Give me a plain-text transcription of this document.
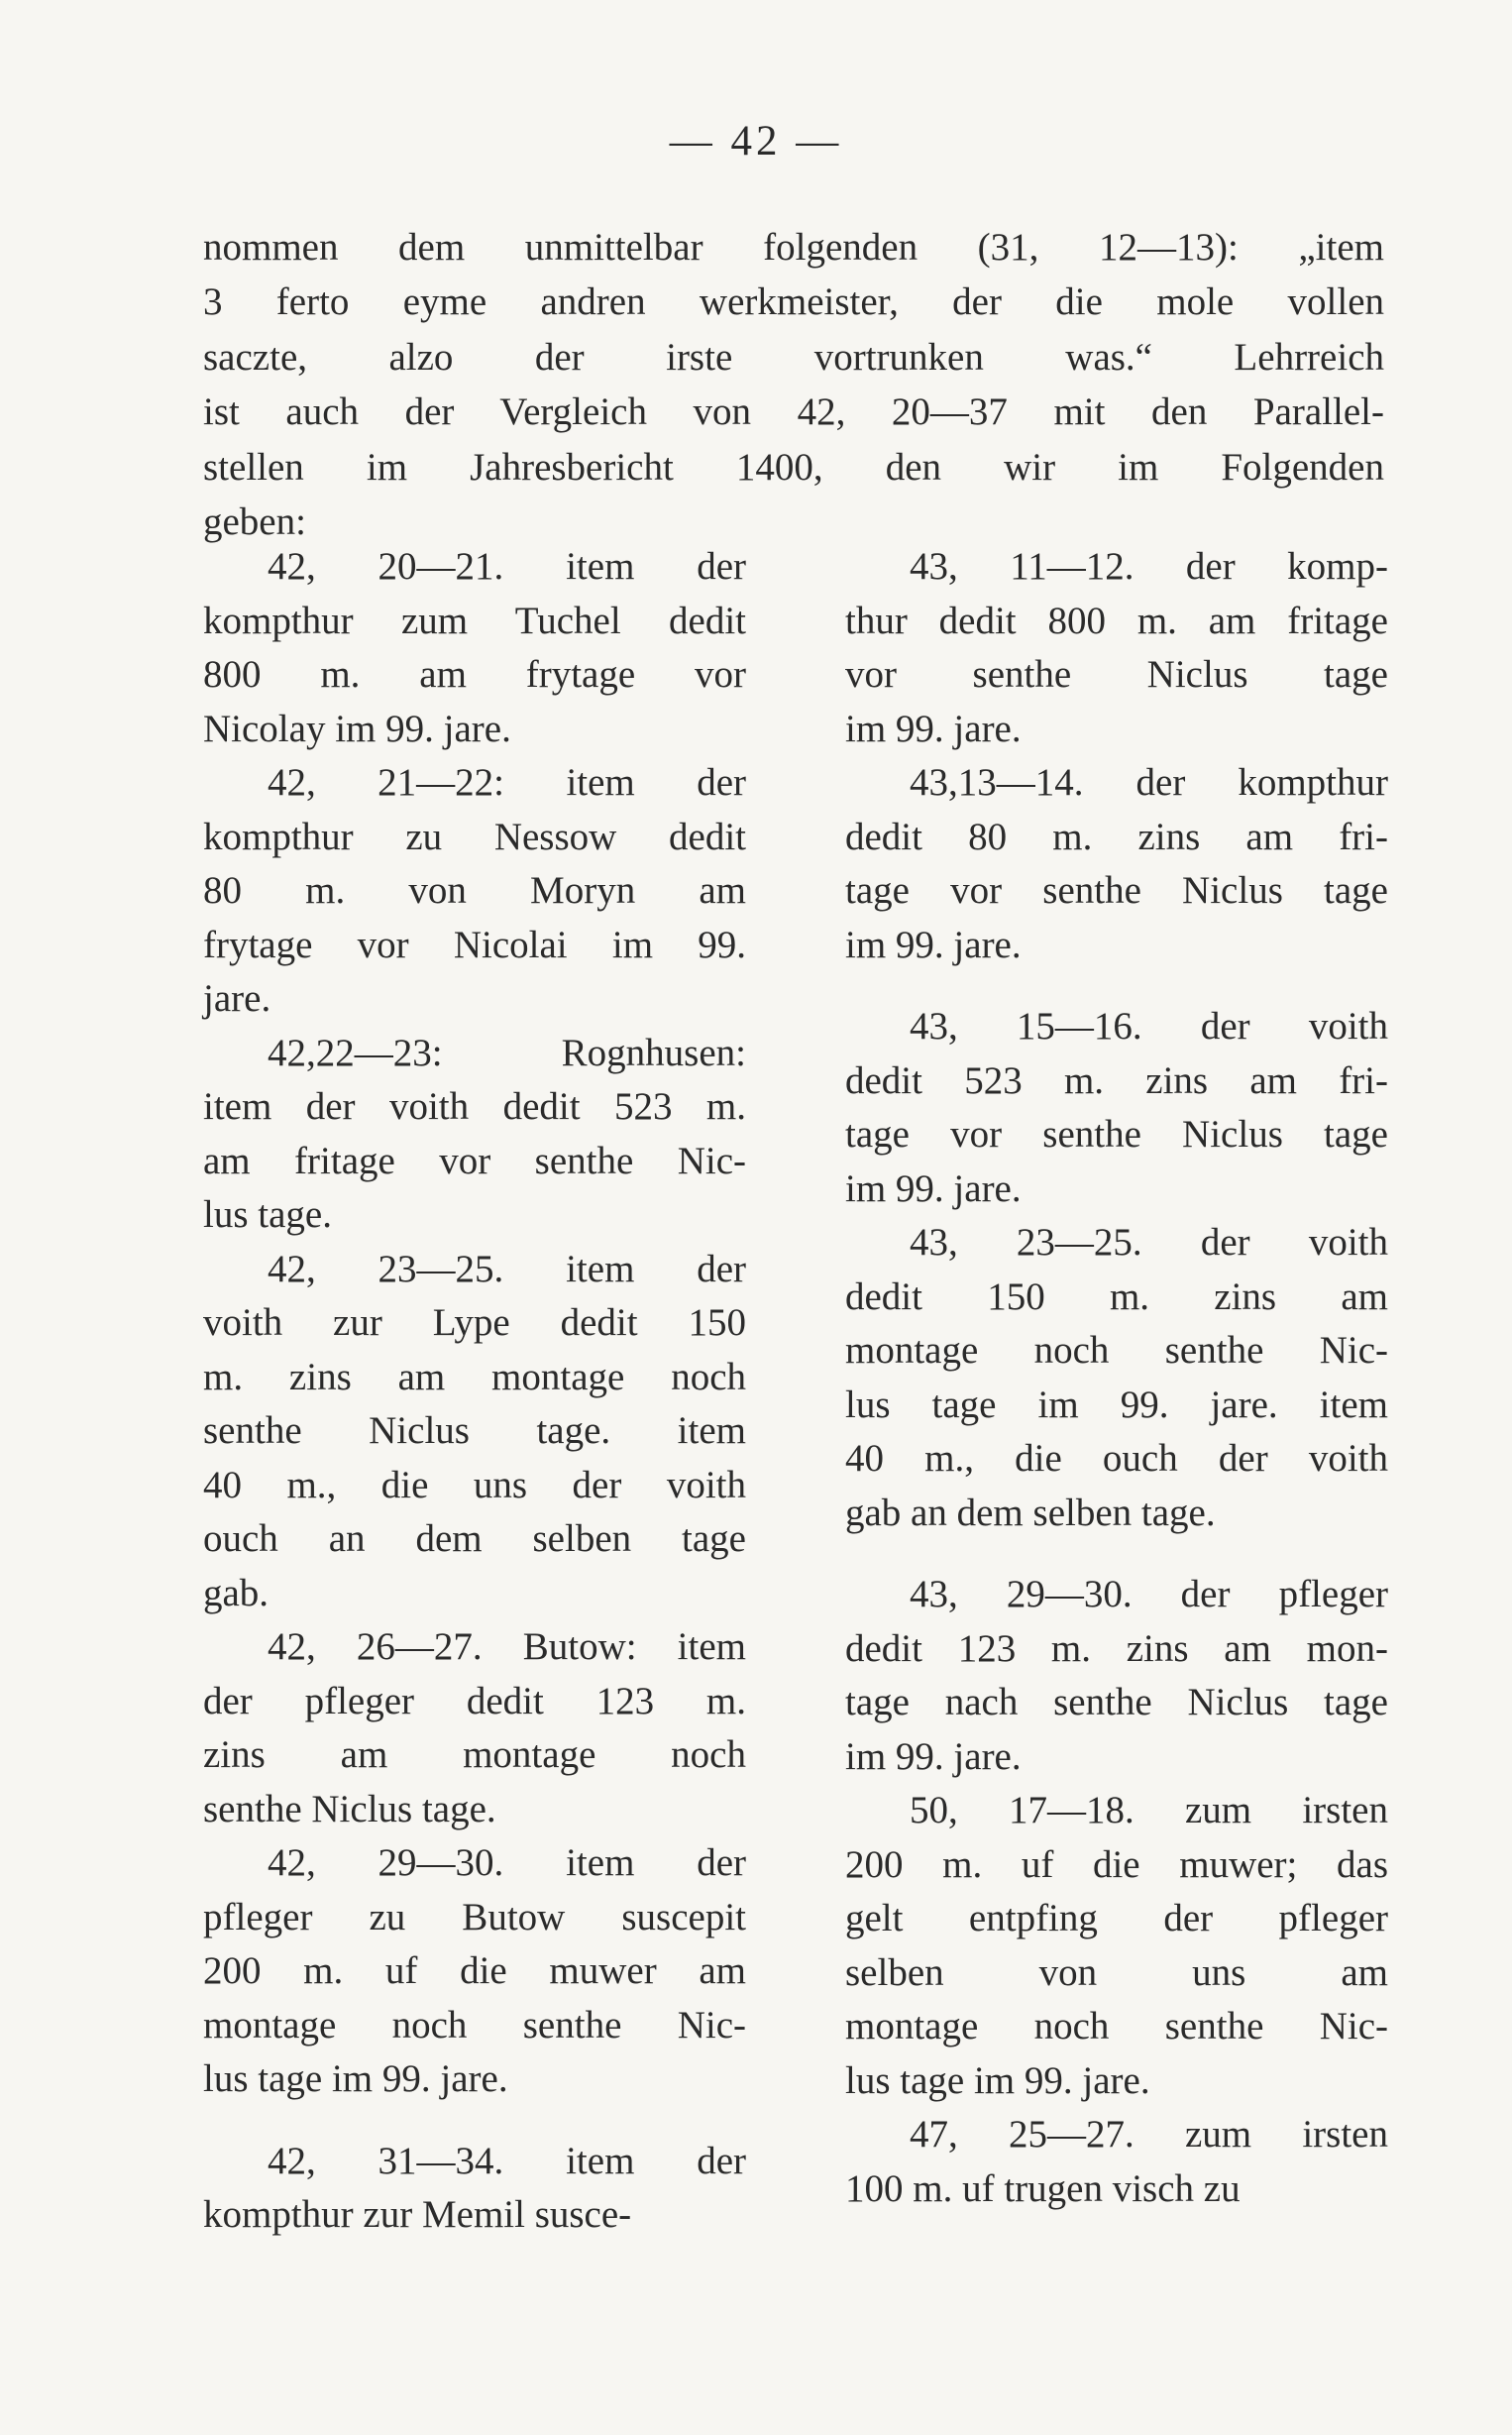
— 42 —
nommen dem unmittelbar folgenden (31, 12—13): „item
3 ferto eyme andren werkmeister, der die mole vollen
saczte, alzo der irste vortrunken was.“ Lehrreich
ist auch der Vergleich von 42, 20—37 mit den Parallel-
stellen im Jahresbericht 1400, den wir im Folgenden
geben:
42, 20—21. item der
kompthur zum Tuchel dedit
800 m. am frytage vor
Nicolay im 99. jare.
42, 21—22: item der
kompthur zu Nessow dedit
80 m. von Moryn am
frytage vor Nicolai im 99.
jare.
42,22—23: Rognhusen:
item der voith dedit 523 m.
am fritage vor senthe Nic-
lus tage.
42, 23—25. item der
voith zur Lype dedit 150
m. zins am montage noch
senthe Niclus tage. item
40 m., die uns der voith
ouch an dem selben tage
gab.
42, 26—27. Butow: item
der pfleger dedit 123 m.
zins am montage noch
senthe Niclus tage.
42, 29—30. item der
pfleger zu Butow suscepit
200 m. uf die muwer am
montage noch senthe Nic-
lus tage im 99. jare.
42, 31—34. item der
kompthur zur Memil susce-
43, 11—12. der komp-
thur dedit 800 m. am fritage
vor senthe Niclus tage
im 99. jare.
43,13—14. der kompthur
dedit 80 m. zins am fri-
tage vor senthe Niclus tage
im 99. jare.
43, 15—16. der voith
dedit 523 m. zins am fri-
tage vor senthe Niclus tage
im 99. jare.
43, 23—25. der voith
dedit 150 m. zins am
montage noch senthe Nic-
lus tage im 99. jare. item
40 m., die ouch der voith
gab an dem selben tage.
43, 29—30. der pfleger
dedit 123 m. zins am mon-
tage nach senthe Niclus tage
im 99. jare.
50, 17—18. zum irsten
200 m. uf die muwer; das
gelt entpfing der pfleger
selben von uns am
montage noch senthe Nic-
lus tage im 99. jare.
47, 25—27. zum irsten
100 m. uf trugen visch zu
